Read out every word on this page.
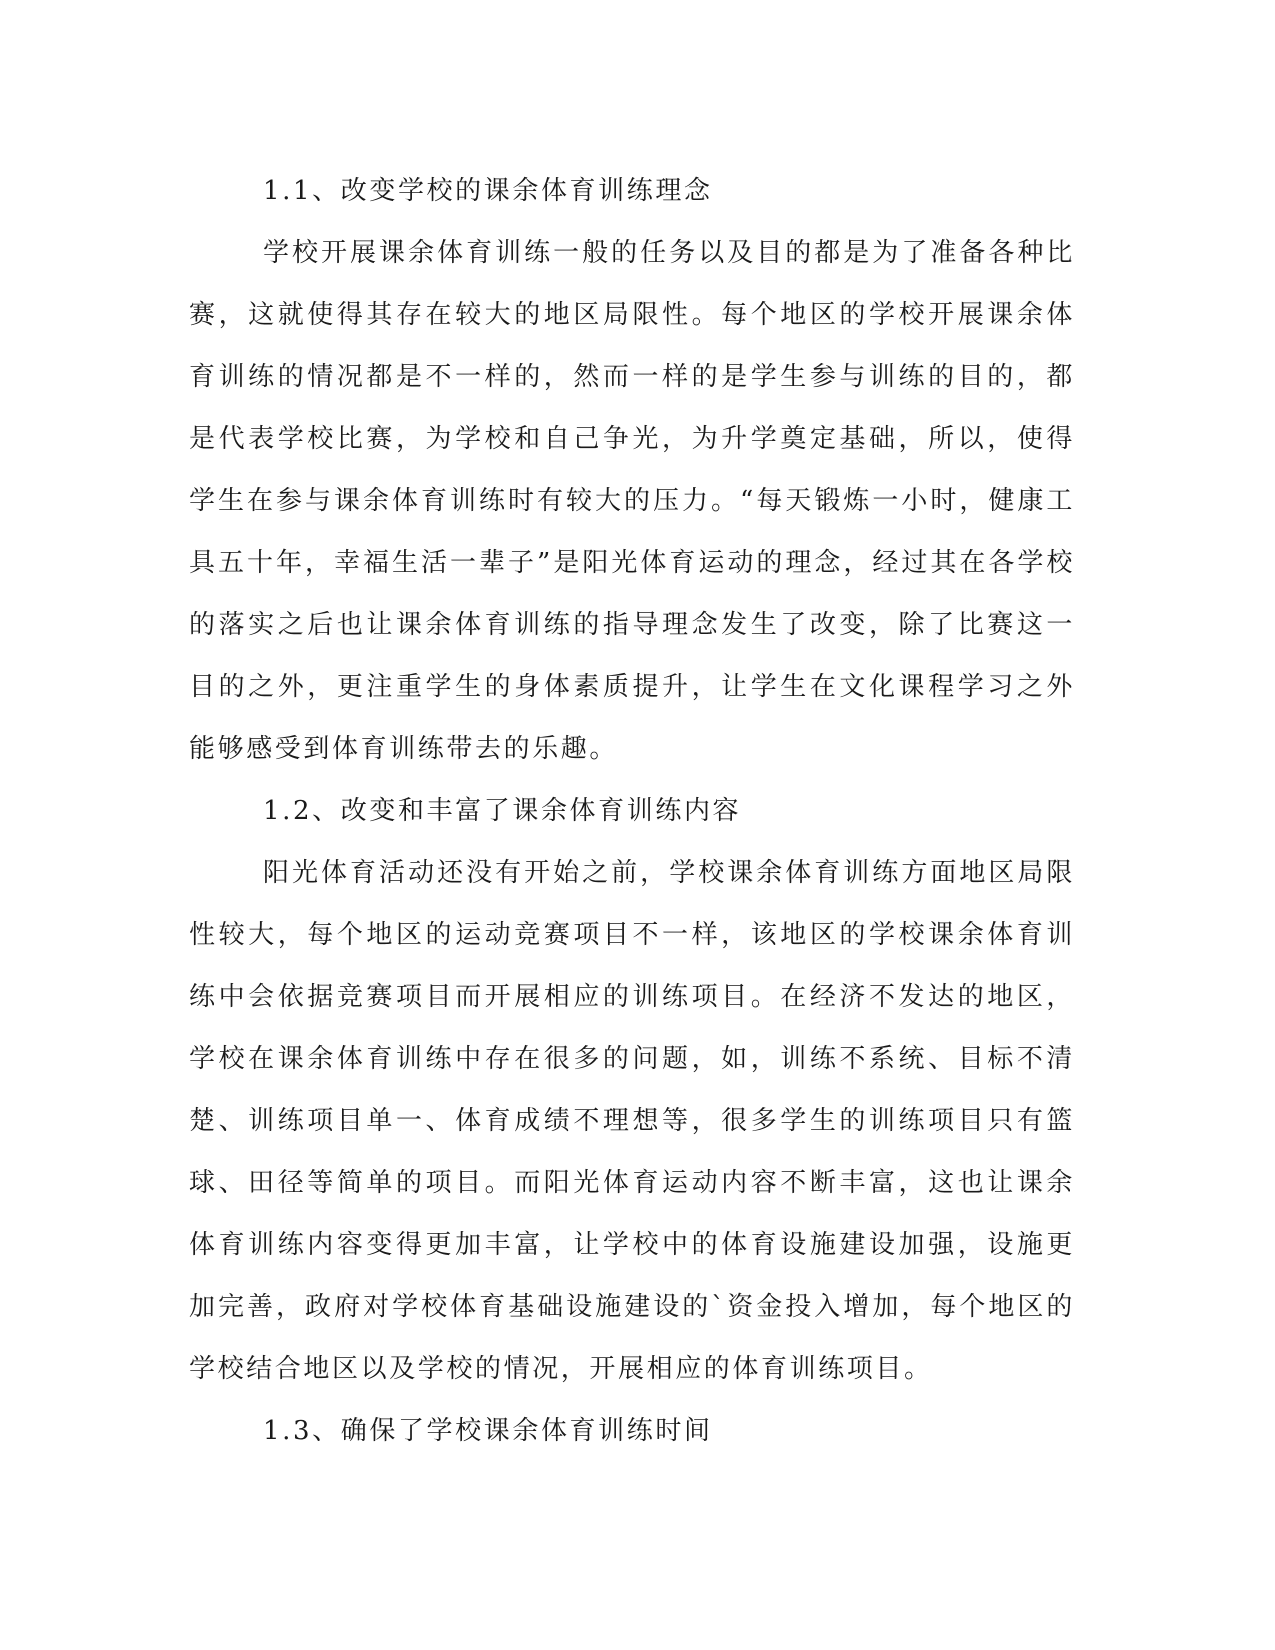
1.1、改变学校的课余体育训练理念

学校开展课余体育训练一般的任务以及目的都是为了准备各种比赛，这就使得其存在较大的地区局限性。每个地区的学校开展课余体育训练的情况都是不一样的，然而一样的是学生参与训练的目的，都是代表学校比赛，为学校和自己争光，为升学奠定基础，所以，使得学生在参与课余体育训练时有较大的压力。“每天锻炼一小时，健康工具五十年，幸福生活一辈子”是阳光体育运动的理念，经过其在各学校的落实之后也让课余体育训练的指导理念发生了改变，除了比赛这一目的之外，更注重学生的身体素质提升，让学生在文化课程学习之外能够感受到体育训练带去的乐趣。

1.2、改变和丰富了课余体育训练内容

阳光体育活动还没有开始之前，学校课余体育训练方面地区局限性较大，每个地区的运动竞赛项目不一样，该地区的学校课余体育训练中会依据竞赛项目而开展相应的训练项目。在经济不发达的地区，学校在课余体育训练中存在很多的问题，如，训练不系统、目标不清楚、训练项目单一、体育成绩不理想等，很多学生的训练项目只有篮球、田径等简单的项目。而阳光体育运动内容不断丰富，这也让课余体育训练内容变得更加丰富，让学校中的体育设施建设加强，设施更加完善，政府对学校体育基础设施建设的`资金投入增加，每个地区的学校结合地区以及学校的情况，开展相应的体育训练项目。

1.3、确保了学校课余体育训练时间
